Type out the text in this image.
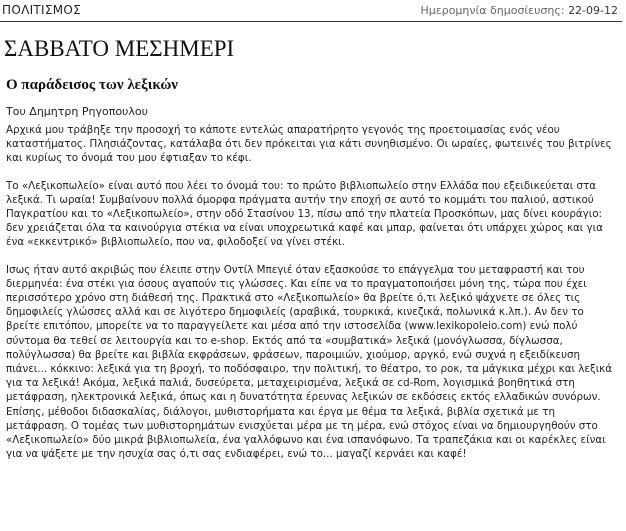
ΠΟΛΙΤΙΣΜΟΣ	Ημερομηνία δημοσίευσης: 22-09-12
ΣΑΒΒΑΤΟ ΜΕΣΗΜΕΡΙ
Ο παράδεισος των λεξικών

Του Δημητρη Ρηγοπουλου

Αρχικά μου τράβηξε την προσοχή το κάποτε εντελώς απαρατήρητο γεγονός της προετοιμασίας ενός νέου καταστήματος. Πλησιάζοντας, κατάλαβα ότι δεν πρόκειται για κάτι συνηθισμένο. Οι ωραίες, φωτεινές του βιτρίνες και κυρίως το όνομά του μου έφτιαξαν το κέφι.

Το «Λεξικοπωλείο» είναι αυτό που λέει το όνομά του: το πρώτο βιβλιοπωλείο στην Ελλάδα που εξειδικεύεται στα λεξικά. Τι ωραία! Συμβαίνουν πολλά όμορφα πράγματα αυτήν την εποχή σε αυτό το κομμάτι του παλιού, αστικού Παγκρατίου και το «Λεξικοπωλείο», στην οδό Στασίνου 13, πίσω από την πλατεία Προσκόπων, μας δίνει κουράγιο: δεν χρειάζεται όλα τα καινούργια στέκια να είναι υποχρεωτικά καφέ και μπαρ, φαίνεται ότι υπάρχει χώρος και για ένα «εκκεντρικό» βιβλιοπωλείο, που να, φιλοδοξεί να γίνει στέκι.

Ισως ήταν αυτό ακριβώς που έλειπε στην Οντίλ Μπεγιέ όταν εξασκούσε το επάγγελμα του μεταφραστή και του διερμηνέα: ένα στέκι για όσους αγαπούν τις γλώσσες. Και είπε να το πραγματοποιήσει μόνη της, τώρα που έχει περισσότερο χρόνο στη διάθεσή της. Πρακτικά στο «Λεξικοπωλείο» θα βρείτε ό,τι λεξικό ψάχνετε σε όλες τις δημοφιλείς γλώσσες αλλά και σε λιγότερο δημοφιλείς (αραβικά, τουρκικά, κινεζικά, πολωνικά κ.λπ.). Αν δεν το βρείτε επιτόπου, μπορείτε να το παραγγείλετε και μέσα από την ιστοσελίδα (www.lexikopoleio.com) ενώ πολύ σύντομα θα τεθεί σε λειτουργία και το e-shop. Εκτός από τα «συμβατικά» λεξικά (μονόγλωσσα, δίγλωσσα, πολύγλωσσα) θα βρείτε και βιβλία εκφράσεων, φράσεων, παροιμιών, χιούμορ, αργκό, ενώ συχνά η εξειδίκευση πιάνει... κόκκινο: λεξικά για τη βροχή, το ποδόσφαιρο, την πολιτική, το θέατρο, το ροκ, τα μάγκικα μέχρι και λεξικά για τα λεξικά! Ακόμα, λεξικά παλιά, δυσεύρετα, μεταχειρισμένα, λεξικά σε cd-Rom, λογισμικά βοηθητικά στη μετάφραση, ηλεκτρονικά λεξικά, όπως και η δυνατότητα έρευνας λεξικών σε εκδόσεις εκτός ελλαδικών συνόρων. Επίσης, μέθοδοι διδασκαλίας, διάλογοι, μυθιστορήματα και έργα με θέμα τα λεξικά, βιβλία σχετικά με τη μετάφραση. Ο τομέας των μυθιστορημάτων ενισχύεται μέρα με τη μέρα, ενώ στόχος είναι να δημιουργηθούν στο «Λεξικοπωλείο» δύο μικρά βιβλιοπωλεία, ένα γαλλόφωνο και ένα ισπανόφωνο. Τα τραπεζάκια και οι καρέκλες είναι για να ψάξετε με την ησυχία σας ό,τι σας ενδιαφέρει, ενώ το... μαγαζί κερνάει και καφέ!
